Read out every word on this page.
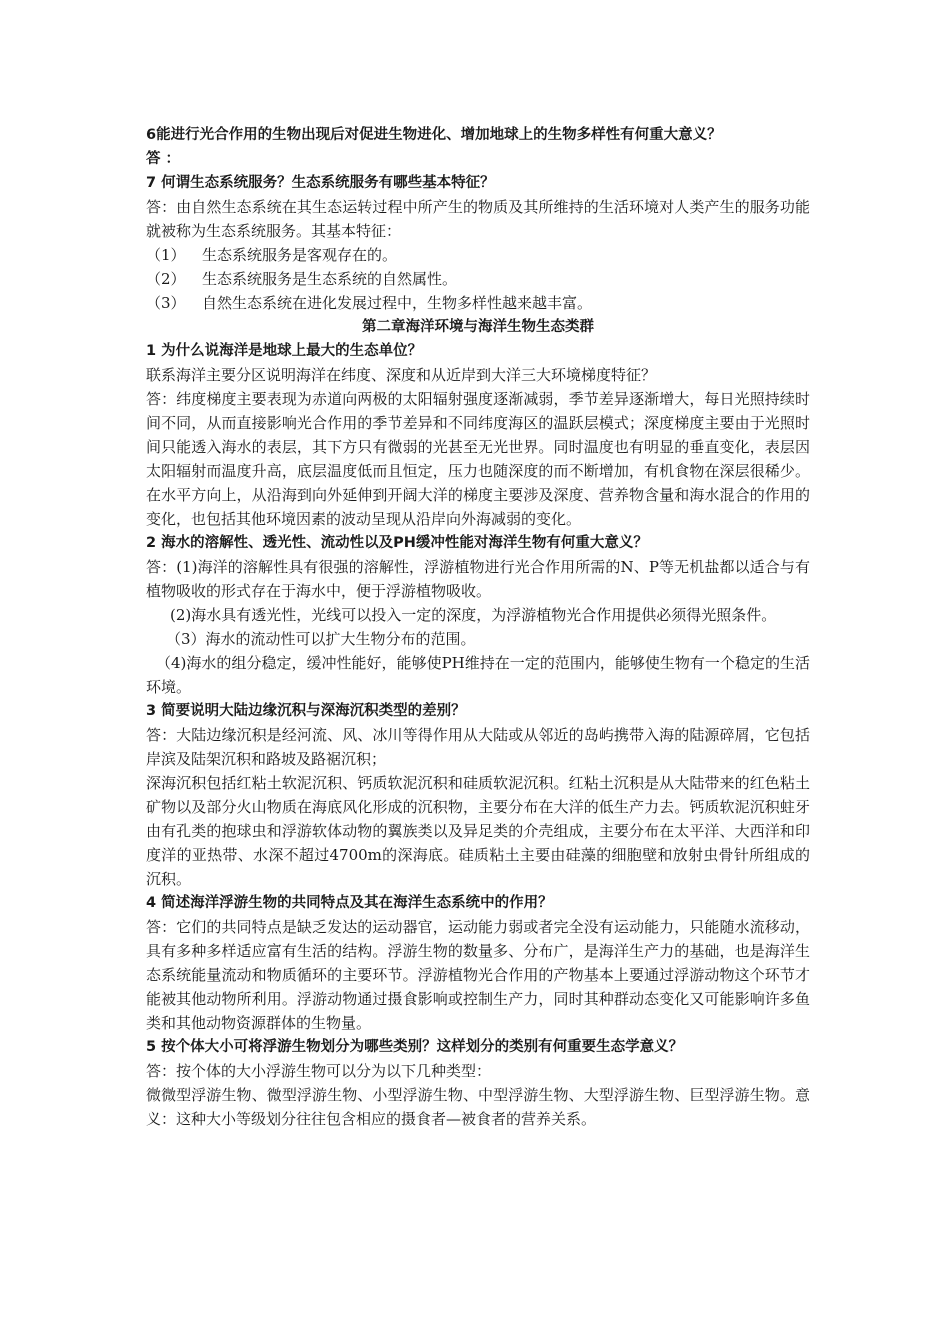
6能进行光合作用的生物出现后对促进生物进化、增加地球上的生物多样性有何重大意义？

答 ：

7 何谓生态系统服务？生态系统服务有哪些基本特征？

答：由自然生态系统在其生态运转过程中所产生的物质及其所维持的生活环境对人类产生的服务功能就被称为生态系统服务。其基本特征：

（1）	生态系统服务是客观存在的。
（2）	生态系统服务是生态系统的自然属性。
（3）	自然生态系统在进化发展过程中，生物多样性越来越丰富。

第二章海洋环境与海洋生物生态类群

1 为什么说海洋是地球上最大的生态单位？

联系海洋主要分区说明海洋在纬度、深度和从近岸到大洋三大环境梯度特征？

答：纬度梯度主要表现为赤道向两极的太阳辐射强度逐渐减弱，季节差异逐渐增大，每日光照持续时间不同，从而直接影响光合作用的季节差异和不同纬度海区的温跃层模式；深度梯度主要由于光照时间只能透入海水的表层，其下方只有微弱的光甚至无光世界。同时温度也有明显的垂直变化，表层因太阳辐射而温度升高，底层温度低而且恒定，压力也随深度的而不断增加，有机食物在深层很稀少。在水平方向上，从沿海到向外延伸到开阔大洋的梯度主要涉及深度、营养物含量和海水混合的作用的变化，也包括其他环境因素的波动呈现从沿岸向外海减弱的变化。

2 海水的溶解性、透光性、流动性以及PH缓冲性能对海洋生物有何重大意义？

答：(1)海洋的溶解性具有很强的溶解性，浮游植物进行光合作用所需的N、P等无机盐都以适合与有植物吸收的形式存在于海水中，便于浮游植物吸收。

(2)海水具有透光性，光线可以投入一定的深度，为浮游植物光合作用提供必须得光照条件。

（3）海水的流动性可以扩大生物分布的范围。

（4)海水的组分稳定，缓冲性能好，能够使PH维持在一定的范围内，能够使生物有一个稳定的生活环境。

3 简要说明大陆边缘沉积与深海沉积类型的差别？

答：大陆边缘沉积是经河流、风、冰川等得作用从大陆或从邻近的岛屿携带入海的陆源碎屑，它包括岸滨及陆架沉积和路坡及路裾沉积；

深海沉积包括红粘土软泥沉积、钙质软泥沉积和硅质软泥沉积。红粘土沉积是从大陆带来的红色粘土矿物以及部分火山物质在海底风化形成的沉积物，主要分布在大洋的低生产力去。钙质软泥沉积蛀牙由有孔类的抱球虫和浮游软体动物的翼族类以及异足类的介壳组成，主要分布在太平洋、大西洋和印度洋的亚热带、水深不超过4700m的深海底。硅质粘土主要由硅藻的细胞壁和放射虫骨针所组成的沉积。

4 简述海洋浮游生物的共同特点及其在海洋生态系统中的作用？

答：它们的共同特点是缺乏发达的运动器官，运动能力弱或者完全没有运动能力，只能随水流移动，具有多种多样适应富有生活的结构。浮游生物的数量多、分布广，是海洋生产力的基础，也是海洋生态系统能量流动和物质循环的主要环节。浮游植物光合作用的产物基本上要通过浮游动物这个环节才能被其他动物所利用。浮游动物通过摄食影响或控制生产力，同时其种群动态变化又可能影响许多鱼类和其他动物资源群体的生物量。

5 按个体大小可将浮游生物划分为哪些类别？这样划分的类别有何重要生态学意义？

答：按个体的大小浮游生物可以分为以下几种类型：

微微型浮游生物、微型浮游生物、小型浮游生物、中型浮游生物、大型浮游生物、巨型浮游生物。意义：这种大小等级划分往往包含相应的摄食者—被食者的营养关系。
